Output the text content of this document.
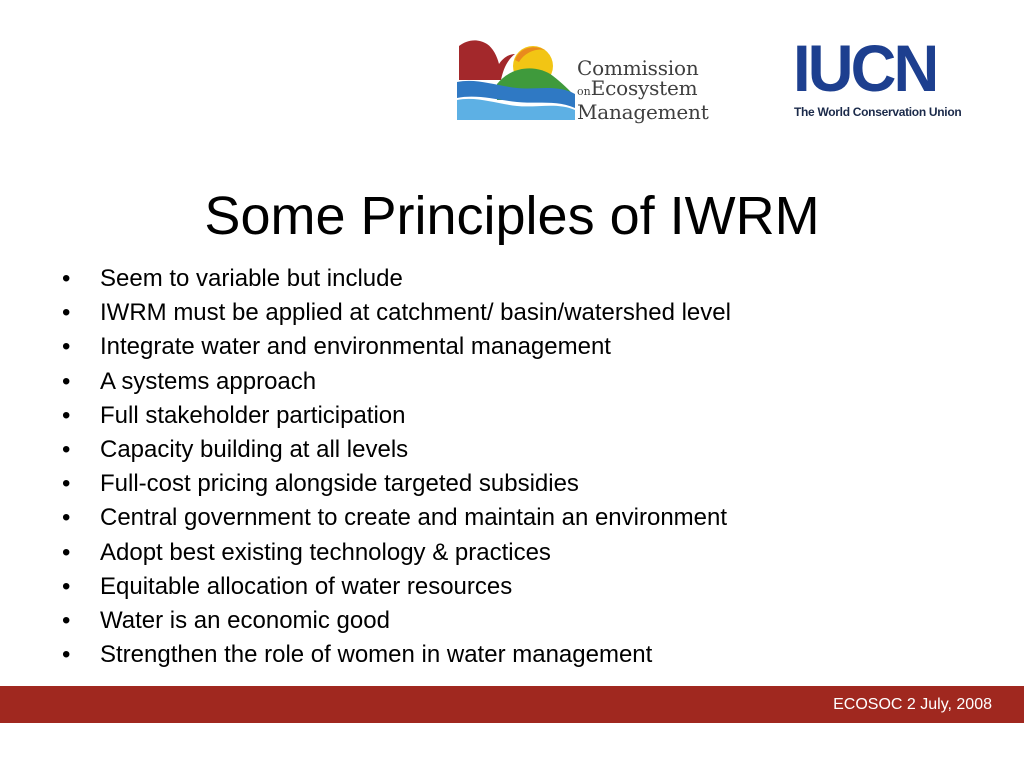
Commission
onEcosystem
Management
IUCN
The World Conservation Union
Some Principles of IWRM
•	Seem to variable but include
•	IWRM must be applied at catchment/ basin/watershed level
•	Integrate water and environmental management
•	A systems approach
•	Full stakeholder participation
•	Capacity building at all levels
•	Full-cost pricing alongside targeted subsidies
•	Central government to create and maintain an environment
•	Adopt best existing technology & practices
•	Equitable allocation of water resources
•	Water is an economic good
•	Strengthen the role of women in water management
ECOSOC 2 July, 2008
